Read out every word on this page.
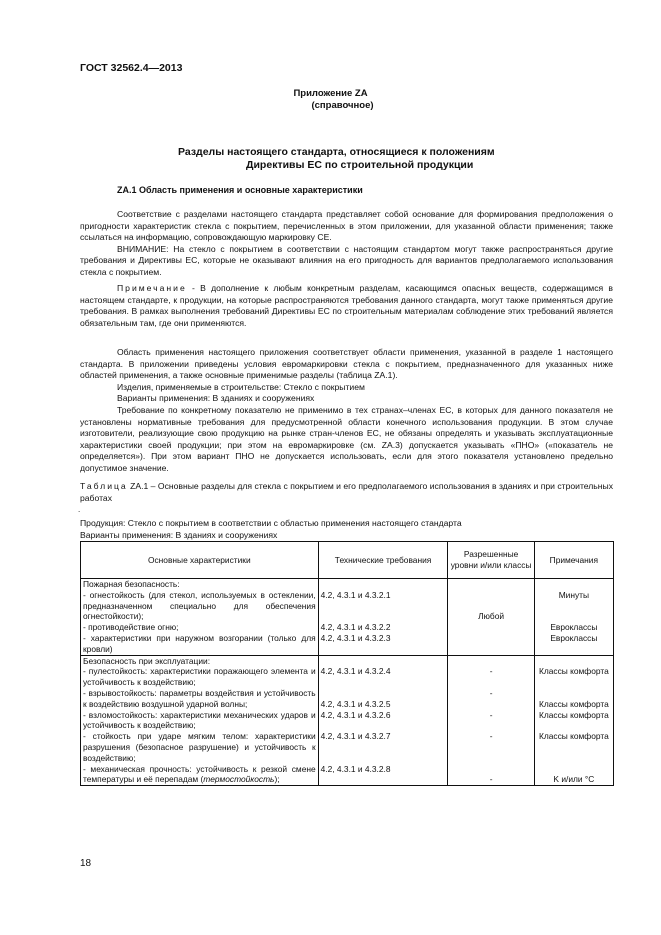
ГОСТ 32562.4—2013
Приложение ZA
(справочное)
Разделы настоящего стандарта, относящиеся к положениям
Директивы ЕС по строительной продукции
ZA.1 Область применения и основные характеристики

Соответствие с разделами настоящего стандарта представляет собой основание для формирования предположения о пригодности характеристик стекла с покрытием, перечисленных в этом приложении, для указанной области применения; также ссылаться на информацию, сопровождающую маркировку СЕ.

ВНИМАНИЕ: На стекло с покрытием в соответствии с настоящим стандартом могут также распространяться другие требования и Директивы ЕС, которые не оказывают влияния на его пригодность для вариантов предполагаемого использования стекла с покрытием.

Примечание - В дополнение к любым конкретным разделам, касающимся опасных веществ, содержащимся в настоящем стандарте, к продукции, на которые распространяются требования данного стандарта, могут также применяться другие требования. В рамках выполнения требований Директивы ЕС по строительным материалам соблюдение этих требований является обязательным там, где они применяются.

Область применения настоящего приложения соответствует области применения, указанной в разделе 1 настоящего стандарта. В приложении приведены условия евромаркировки стекла с покрытием, предназначенного для указанных ниже областей применения, а также основные применимые разделы (таблица ZA.1).

Изделия, применяемые в строительстве: Стекло с покрытием

Варианты применения: В зданиях и сооружениях

Требование по конкретному показателю не применимо в тех странах–членах ЕС, в которых для данного показателя не установлены нормативные требования для предусмотренной области конечного использования продукции. В этом случае изготовители, реализующие свою продукцию на рынке стран-членов ЕС, не обязаны определять и указывать эксплуатационные характеристики своей продукции; при этом на евромаркировке (см. ZA.3) допускается указывать «ПНО» («показатель не определяется»). При этом вариант ПНО не допускается использовать, если для этого показателя установлено предельно допустимое значение.

Таблица ZA.1 – Основные разделы для стекла с покрытием и его предполагаемого использования в зданиях и при строительных работах

.
Продукция: Стекло с покрытием в соответствии с областью применения настоящего стандарта
Варианты применения: В зданиях и сооружениях
Основные характеристики	Технические требования	Разрешенные уровни и/или классы	Примечания
Пожарная безопасность:			
- огнестойкость (для стекол, используемых в остеклении, предназначенном специально для обеспечения огнестойкости);	4.2, 4.3.1 и 4.3.2.1	Любой	Минуты
- противодействие огню;	4.2, 4.3.1 и 4.3.2.2		Евроклассы
- характеристики при наружном возгорании (только для кровли)	4.2, 4.3.1 и 4.3.2.3		Евроклассы
Безопасность при эксплуатации:			
- пулестойкость: характеристики поражающего элемента и устойчивость к воздействию;	4.2, 4.3.1 и 4.3.2.4	-	Классы комфорта
- взрывостойкость: параметры воздействия и устойчивость к воздействию воздушной ударной волны;	4.2, 4.3.1 и 4.3.2.5	-	Классы комфорта
- взломостойкость: характеристики механических ударов и устойчивость к воздействию;	4.2, 4.3.1 и 4.3.2.6	-	Классы комфорта
- стойкость при ударе мягким телом: характеристики разрушения (безопасное разрушение) и устойчивость к воздействию;	4.2, 4.3.1 и 4.3.2.7	-	Классы комфорта
- механическая прочность: устойчивость к резкой смене температуры и её перепадам (термостойкость);	4.2, 4.3.1 и 4.3.2.8	-	K и/или °C
18
